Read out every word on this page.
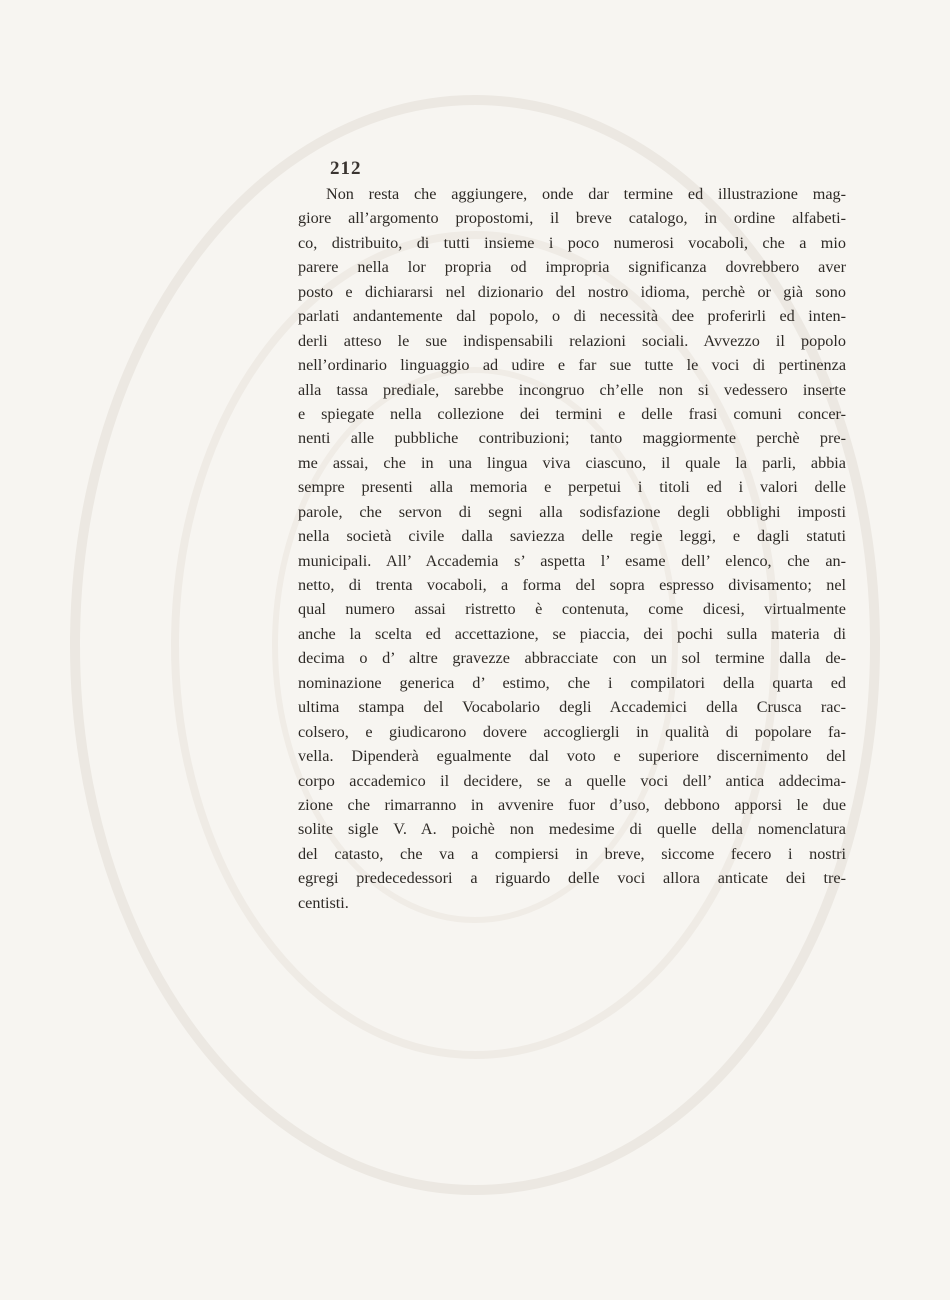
212
Non resta che aggiungere, onde dar termine ed illustrazione mag-
giore all’argomento propostomi, il breve catalogo, in ordine alfabeti-
co, distribuito, di tutti insieme i poco numerosi vocaboli, che a mio
parere nella lor propria od impropria significanza dovrebbero aver
posto e dichiararsi nel dizionario del nostro idioma, perchè or già sono
parlati andantemente dal popolo, o di necessità dee proferirli ed inten-
derli atteso le sue indispensabili relazioni sociali. Avvezzo il popolo
nell’ordinario linguaggio ad udire e far sue tutte le voci di pertinenza
alla tassa prediale, sarebbe incongruo ch’elle non si vedessero inserte
e spiegate nella collezione dei termini e delle frasi comuni concer-
nenti alle pubbliche contribuzioni; tanto maggiormente perchè pre-
me assai, che in una lingua viva ciascuno, il quale la parli, abbia
sempre presenti alla memoria e perpetui i titoli ed i valori delle
parole, che servon di segni alla sodisfazione degli obblighi imposti
nella società civile dalla saviezza delle regie leggi, e dagli statuti
municipali. All’ Accademia s’ aspetta l’ esame dell’ elenco, che an-
netto, di trenta vocaboli, a forma del sopra espresso divisamento; nel
qual numero assai ristretto è contenuta, come dicesi, virtualmente
anche la scelta ed accettazione, se piaccia, dei pochi sulla materia di
decima o d’ altre gravezze abbracciate con un sol termine dalla de-
nominazione generica d’ estimo, che i compilatori della quarta ed
ultima stampa del Vocabolario degli Accademici della Crusca rac-
colsero, e giudicarono dovere accogliergli in qualità di popolare fa-
vella. Dipenderà egualmente dal voto e superiore discernimento del
corpo accademico il decidere, se a quelle voci dell’ antica addecima-
zione che rimarranno in avvenire fuor d’uso, debbono apporsi le due
solite sigle V. A. poichè non medesime di quelle della nomenclatura
del catasto, che va a compiersi in breve, siccome fecero i nostri
egregi predecedessori a riguardo delle voci allora anticate dei tre-
centisti.
